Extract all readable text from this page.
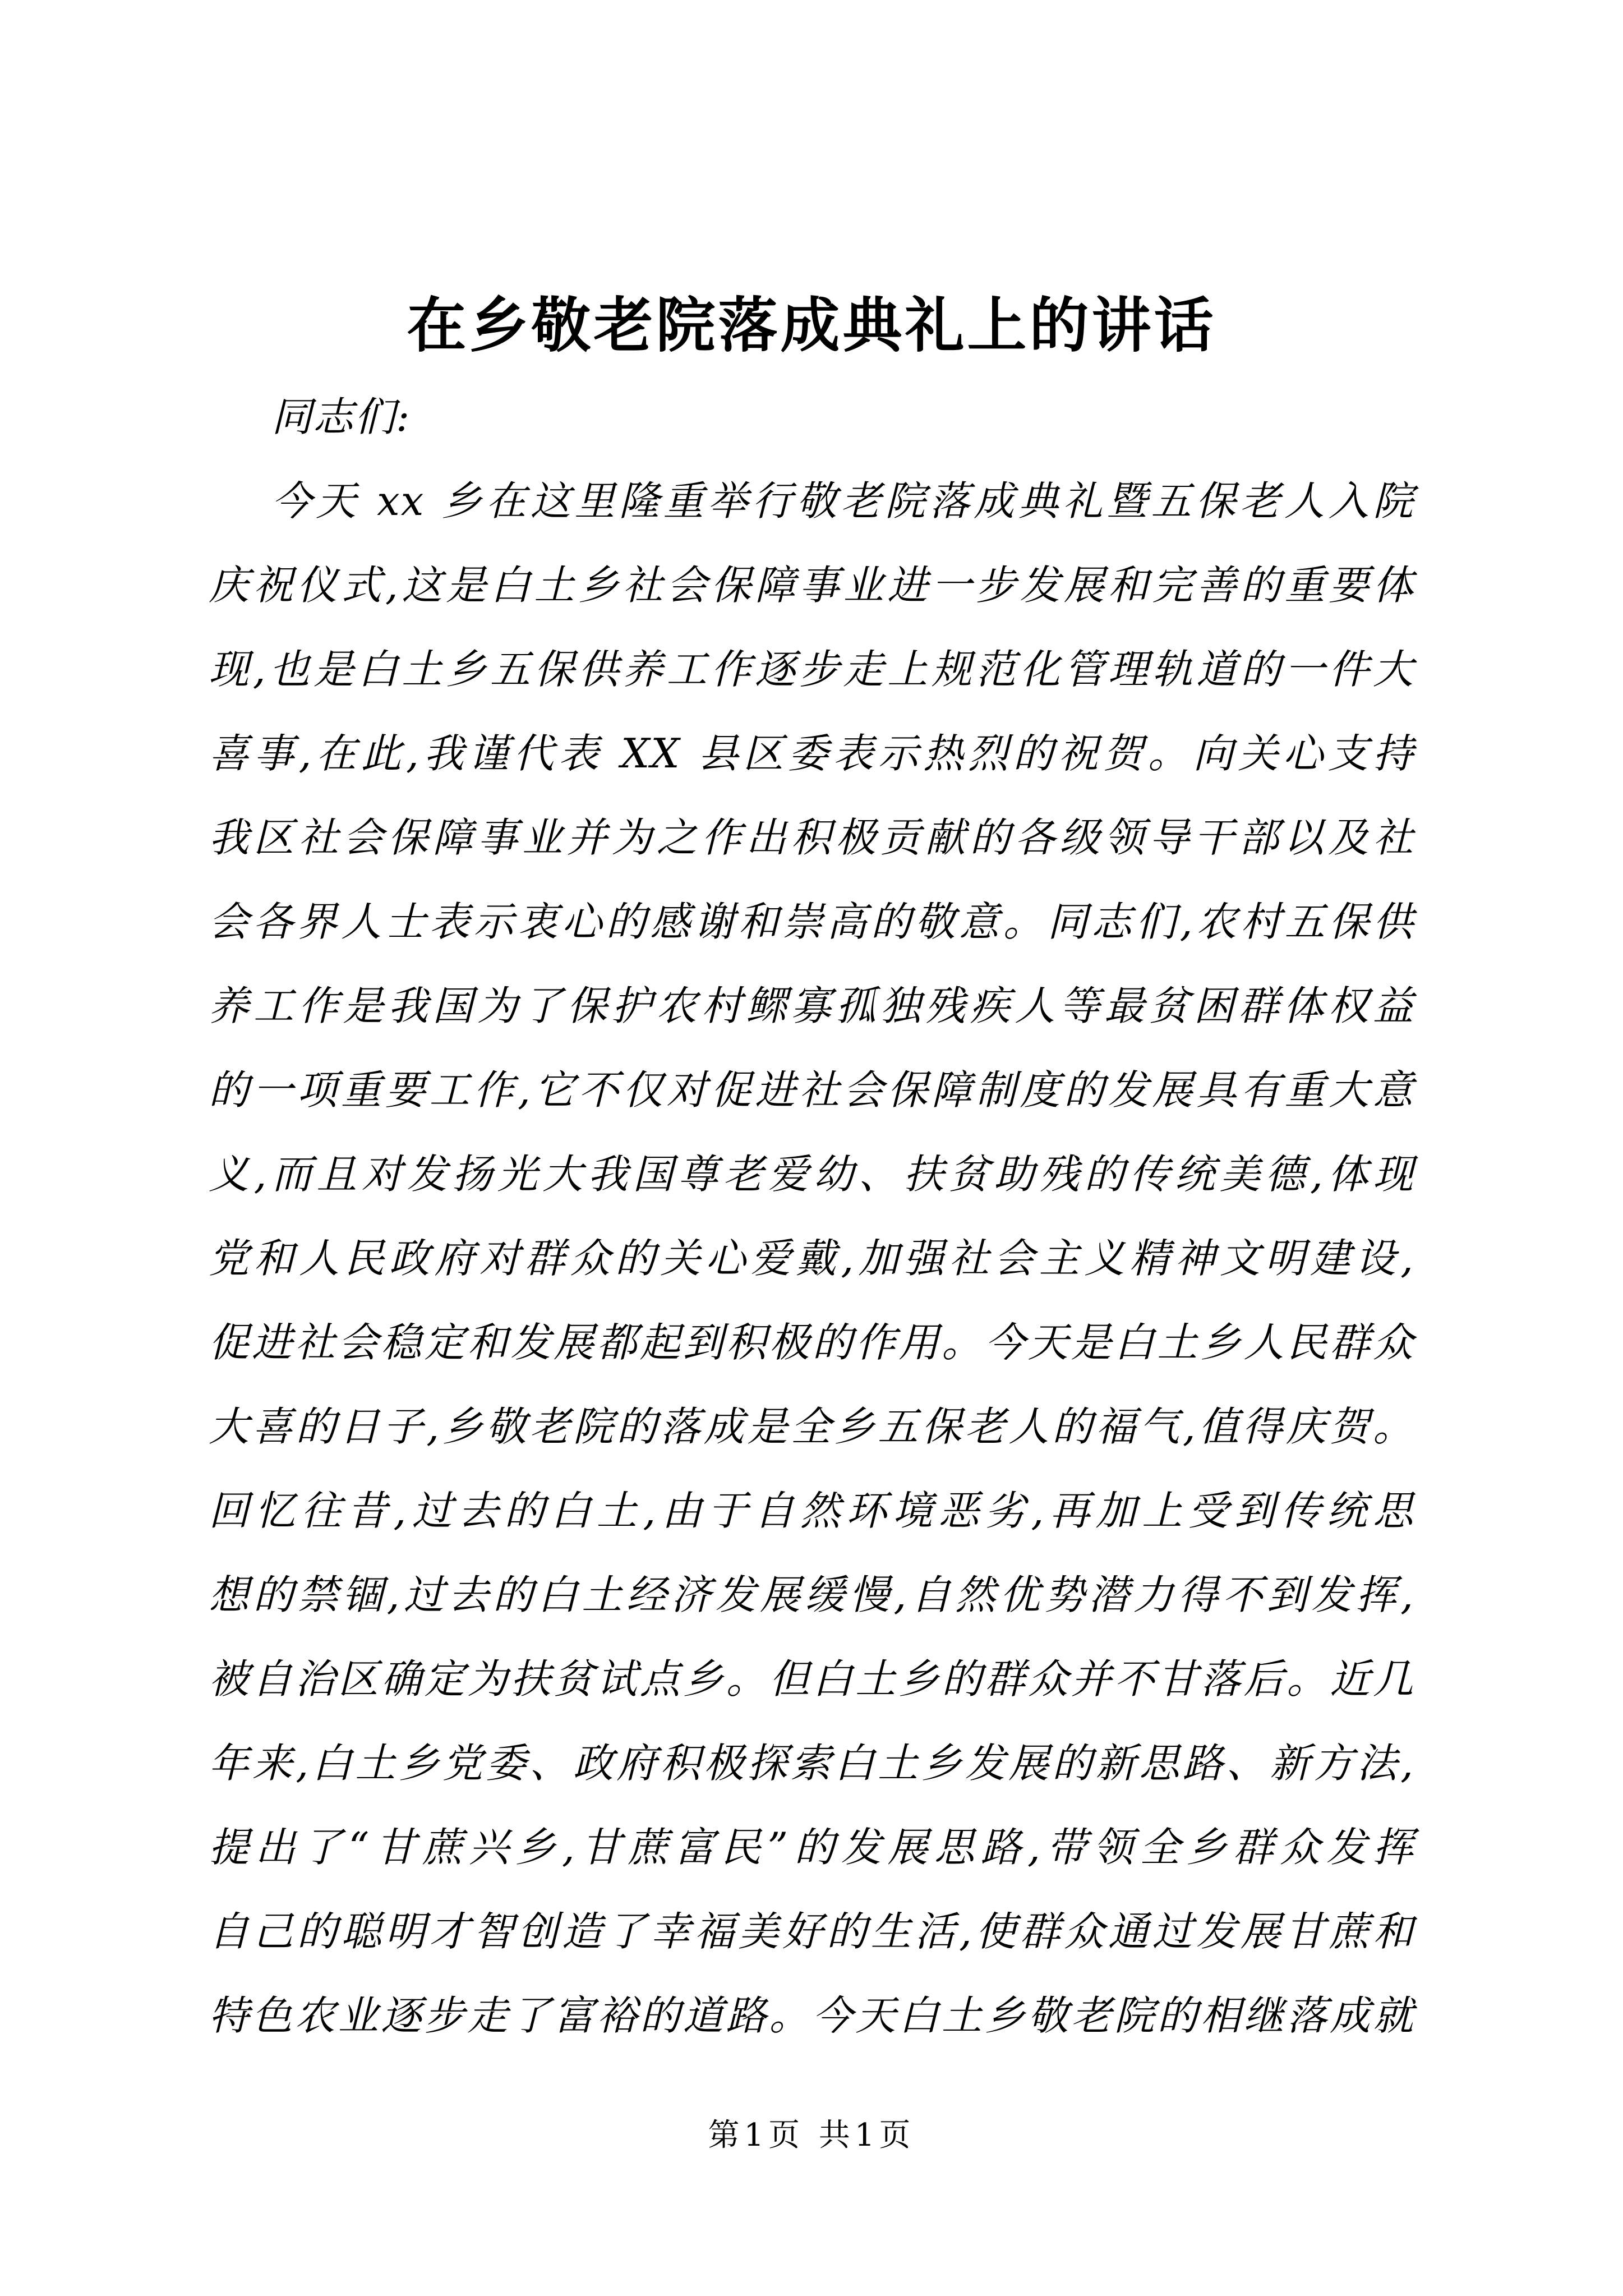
在乡敬老院落成典礼上的讲话

同志们:

今天 xx 乡在这里隆重举行敬老院落成典礼暨五保老人入院

庆祝仪式,这是白土乡社会保障事业进一步发展和完善的重要体

现,也是白土乡五保供养工作逐步走上规范化管理轨道的一件大

喜事,在此,我谨代表 XX 县区委表示热烈的祝贺。向关心支持

我区社会保障事业并为之作出积极贡献的各级领导干部以及社

会各界人士表示衷心的感谢和崇高的敬意。同志们,农村五保供

养工作是我国为了保护农村鳏寡孤独残疾人等最贫困群体权益

的一项重要工作,它不仅对促进社会保障制度的发展具有重大意

义,而且对发扬光大我国尊老爱幼、扶贫助残的传统美德,体现

党和人民政府对群众的关心爱戴,加强社会主义精神文明建设,

促进社会稳定和发展都起到积极的作用。今天是白土乡人民群众

大喜的日子,乡敬老院的落成是全乡五保老人的福气,值得庆贺。

回忆往昔,过去的白土,由于自然环境恶劣,再加上受到传统思

想的禁锢,过去的白土经济发展缓慢,自然优势潜力得不到发挥,

被自治区确定为扶贫试点乡。但白土乡的群众并不甘落后。近几

年来,白土乡党委、政府积极探索白土乡发展的新思路、新方法,

提出了“甘蔗兴乡,甘蔗富民”的发展思路,带领全乡群众发挥

自己的聪明才智创造了幸福美好的生活,使群众通过发展甘蔗和

特色农业逐步走了富裕的道路。今天白土乡敬老院的相继落成就

第1页 共1页
